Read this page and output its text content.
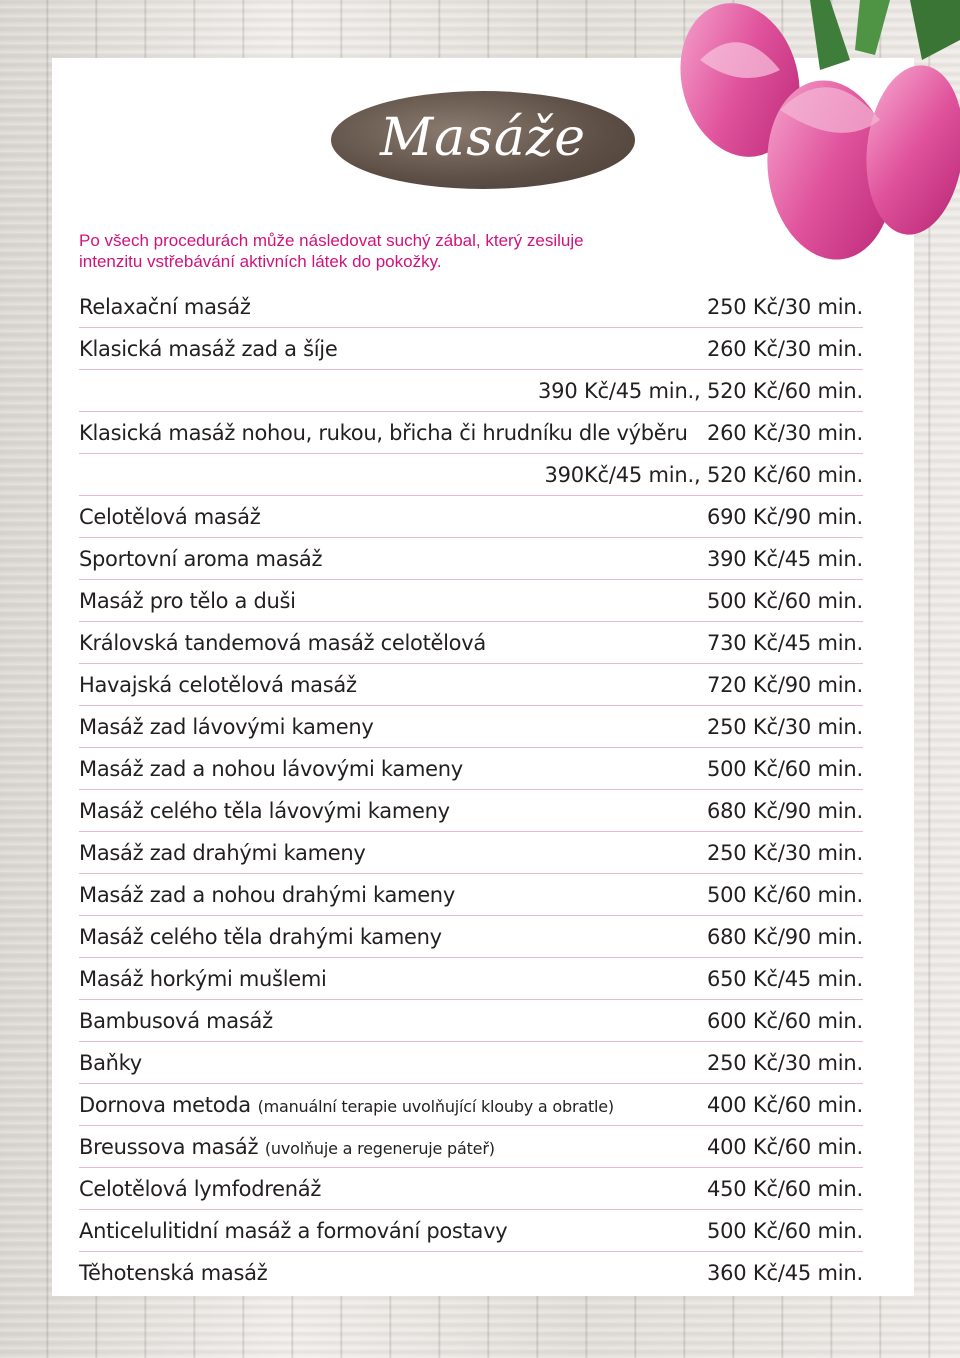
Masáže
Po všech procedurách může následovat suchý zábal, který zesiluje
intenzitu vstřebávání aktivních látek do pokožky.
Relaxační masáž	250 Kč/30 min.
Klasická masáž zad a šíje	260 Kč/30 min.
390 Kč/45 min., 520 Kč/60 min.
Klasická masáž nohou, rukou, břicha či hrudníku dle výběru 260 Kč/30 min.
390Kč/45 min., 520 Kč/60 min.
Celotělová masáž	690 Kč/90 min.
Sportovní aroma masáž	390 Kč/45 min.
Masáž pro tělo a duši	500 Kč/60 min.
Královská tandemová masáž celotělová	730 Kč/45 min.
Havajská celotělová masáž	720 Kč/90 min.
Masáž zad lávovými kameny	250 Kč/30 min.
Masáž zad a nohou lávovými kameny	500 Kč/60 min.
Masáž celého těla lávovými kameny	680 Kč/90 min.
Masáž zad drahými kameny	250 Kč/30 min.
Masáž zad a nohou drahými kameny	500 Kč/60 min.
Masáž celého těla drahými kameny	680 Kč/90 min.
Masáž horkými mušlemi	650 Kč/45 min.
Bambusová masáž	600 Kč/60 min.
Baňky	250 Kč/30 min.
Dornova metoda (manuální terapie uvolňující klouby a obratle)	400 Kč/60 min.
Breussova masáž (uvolňuje a regeneruje páteř)	400 Kč/60 min.
Celotělová lymfodrenáž	450 Kč/60 min.
Anticelulitidní masáž a formování postavy	500 Kč/60 min.
Těhotenská masáž	360 Kč/45 min.
